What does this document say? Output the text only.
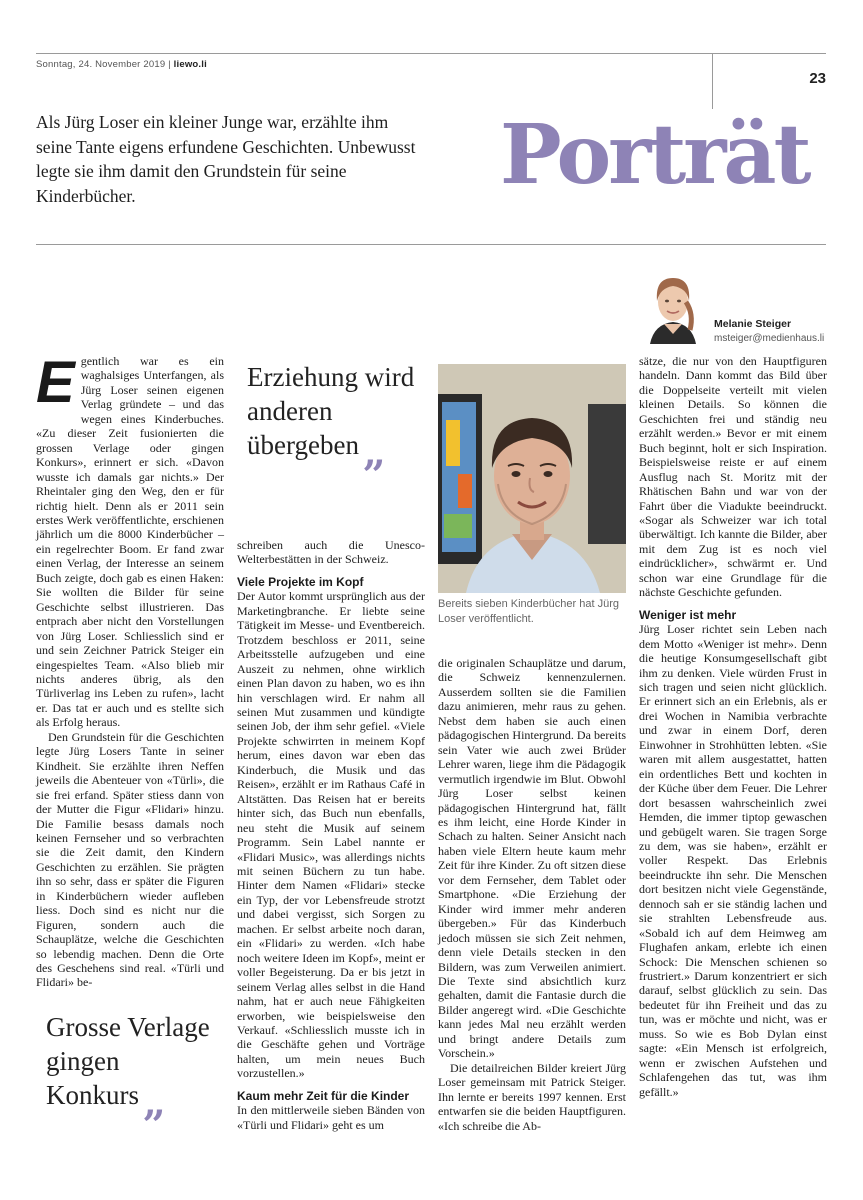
Sonntag, 24. November 2019 | liewo.li
23
Als Jürg Loser ein kleiner Junge war, erzählte ihm seine Tante eigens erfundene Geschichten. Unbewusst legte sie ihm damit den Grundstein für seine Kinderbücher.	Porträt
Melanie Steiger
msteiger@medienhaus.li

Egentlich war es ein waghalsiges Unterfangen, als Jürg Loser seinen eigenen Verlag gründete – und das wegen eines Kinderbuches. «Zu dieser Zeit fusionierten die grossen Verlage oder gingen Konkurs», erinnert er sich. «Davon wusste ich damals gar nichts.» Der Rheintaler ging den Weg, den er für richtig hielt. Denn als er 2011 sein erstes Werk veröffentlichte, erschienen jährlich um die 8000 Kinderbücher – ein regelrechter Boom. Er fand zwar einen Verlag, der Interesse an seinem Buch zeigte, doch gab es einen Haken: Sie wollten die Bilder für seine Geschichte selbst illustrieren. Das entprach aber nicht den Vorstellungen von Jürg Loser. Schliesslich sind er und sein Zeichner Patrick Steiger ein eingespieltes Team. «Also blieb mir nichts anderes übrig, als den Türliverlag ins Leben zu rufen», lacht er. Das tat er auch und es stellte sich als Erfolg heraus.

Den Grundstein für die Geschichten legte Jürg Losers Tante in seiner Kindheit. Sie erzählte ihren Neffen jeweils die Abenteuer von «Türli», die sie frei erfand. Später stiess dann von der Mutter die Figur «Flidari» hinzu. Die Familie besass damals noch keinen Fernseher und so verbrachten sie die Zeit damit, den Kindern Geschichten zu erzählen. Sie prägten ihn so sehr, dass er später die Figuren in Kinderbüchern wieder aufleben liess. Doch sind es nicht nur die Figuren, sondern auch die Schauplätze, welche die Geschichten so lebendig machen. Denn die Orte des Geschehens sind real. «Türli und Flidari» be-

Erziehung wird anderen übergeben „

schreiben auch die Unesco-Welterbestätten in der Schweiz.

Viele Projekte im Kopf

Der Autor kommt ursprünglich aus der Marketingbranche. Er liebte seine Tätigkeit im Messe- und Eventbereich. Trotzdem beschloss er 2011, seine Arbeitsstelle aufzugeben und eine Auszeit zu nehmen, ohne wirklich einen Plan davon zu haben, wo es ihn hin verschlagen wird. Er nahm all seinen Mut zusammen und kündigte seinen Job, der ihm sehr gefiel. «Viele Projekte schwirrten in meinem Kopf herum, eines davon war eben das Kinderbuch, die Musik und das Reisen», erzählt er im Rathaus Café in Altstätten. Das Reisen hat er bereits hinter sich, das Buch nun ebenfalls, neu steht die Musik auf seinem Programm. Sein Label nannte er «Flidari Music», was allerdings nichts mit seinen Büchern zu tun habe. Hinter dem Namen «Flidari» stecke ein Typ, der vor Lebensfreude strotzt und dabei vergisst, sich Sorgen zu machen. Er selbst arbeite noch daran, ein «Flidari» zu werden. «Ich habe noch weitere Ideen im Kopf», meint er voller Begeisterung. Da er bis jetzt in seinem Verlag alles selbst in die Hand nahm, hat er auch neue Fähigkeiten erworben, wie beispielsweise den Verkauf. «Schliesslich musste ich in die Geschäfte gehen und Vorträge halten, um mein neues Buch vorzustellen.»

Kaum mehr Zeit für die Kinder

In den mittlerweile sieben Bänden von «Türli und Flidari» geht es um

Grosse Verlage gingen Konkurs „
Bereits sieben Kinderbücher hat Jürg Loser veröffentlicht.

die originalen Schauplätze und darum, die Schweiz kennenzulernen. Ausserdem sollten sie die Familien dazu animieren, mehr raus zu gehen. Nebst dem haben sie auch einen pädagogischen Hintergrund. Da bereits sein Vater wie auch zwei Brüder Lehrer waren, liege ihm die Pädagogik vermutlich irgendwie im Blut. Obwohl Jürg Loser selbst keinen pädagogischen Hintergrund hat, fällt es ihm leicht, eine Horde Kinder in Schach zu halten. Seiner Ansicht nach haben viele Eltern heute kaum mehr Zeit für ihre Kinder. Zu oft sitzen diese vor dem Fernseher, dem Tablet oder Smartphone. «Die Erziehung der Kinder wird immer mehr anderen übergeben.» Für das Kinderbuch jedoch müssen sie sich Zeit nehmen, denn viele Details stecken in den Bildern, was zum Verweilen animiert. Die Texte sind absichtlich kurz gehalten, damit die Fantasie durch die Bilder angeregt wird. «Die Geschichte kann jedes Mal neu erzählt werden und bringt andere Details zum Vorschein.»

Die detailreichen Bilder kreiert Jürg Loser gemeinsam mit Patrick Steiger. Ihn lernte er bereits 1997 kennen. Erst entwarfen sie die beiden Hauptfiguren. «Ich schreibe die Ab-

sätze, die nur von den Hauptfiguren handeln. Dann kommt das Bild über die Doppelseite verteilt mit vielen kleinen Details. So können die Geschichten frei und ständig neu erzählt werden.» Bevor er mit einem Buch beginnt, holt er sich Inspiration. Beispielsweise reiste er auf einem Ausflug nach St. Moritz mit der Rhätischen Bahn und war von der Fahrt über die Viadukte beeindruckt. «Sogar als Schweizer war ich total überwältigt. Ich kannte die Bilder, aber mit dem Zug ist es noch viel eindrücklicher», schwärmt er. Und schon war eine Grundlage für die nächste Geschichte gefunden.

Weniger ist mehr

Jürg Loser richtet sein Leben nach dem Motto «Weniger ist mehr». Denn die heutige Konsumgesellschaft gibt ihm zu denken. Viele würden Frust in sich tragen und seien nicht glücklich. Er erinnert sich an ein Erlebnis, als er drei Wochen in Namibia verbrachte und zwar in einem Dorf, deren Einwohner in Strohhütten lebten. «Sie waren mit allem ausgestattet, hatten ein ordentliches Bett und kochten in der Küche über dem Feuer. Die Lehrer dort besassen wahrscheinlich zwei Hemden, die immer tiptop gewaschen und gebügelt waren. Sie tragen Sorge zu dem, was sie haben», erzählt er voller Respekt. Das Erlebnis beeindruckte ihn sehr. Die Menschen dort besitzen nicht viele Gegenstände, dennoch sah er sie ständig lachen und sie strahlten Lebensfreude aus. «Sobald ich auf dem Heimweg am Flughafen ankam, erlebte ich einen Schock: Die Menschen schienen so frustriert.» Darum konzentriert er sich darauf, selbst glücklich zu sein. Das bedeutet für ihn Freiheit und das zu tun, was er möchte und nicht, was er muss. So wie es Bob Dylan einst sagte: «Ein Mensch ist erfolgreich, wenn er zwischen Aufstehen und Schlafengehen das tut, was ihm gefällt.»
